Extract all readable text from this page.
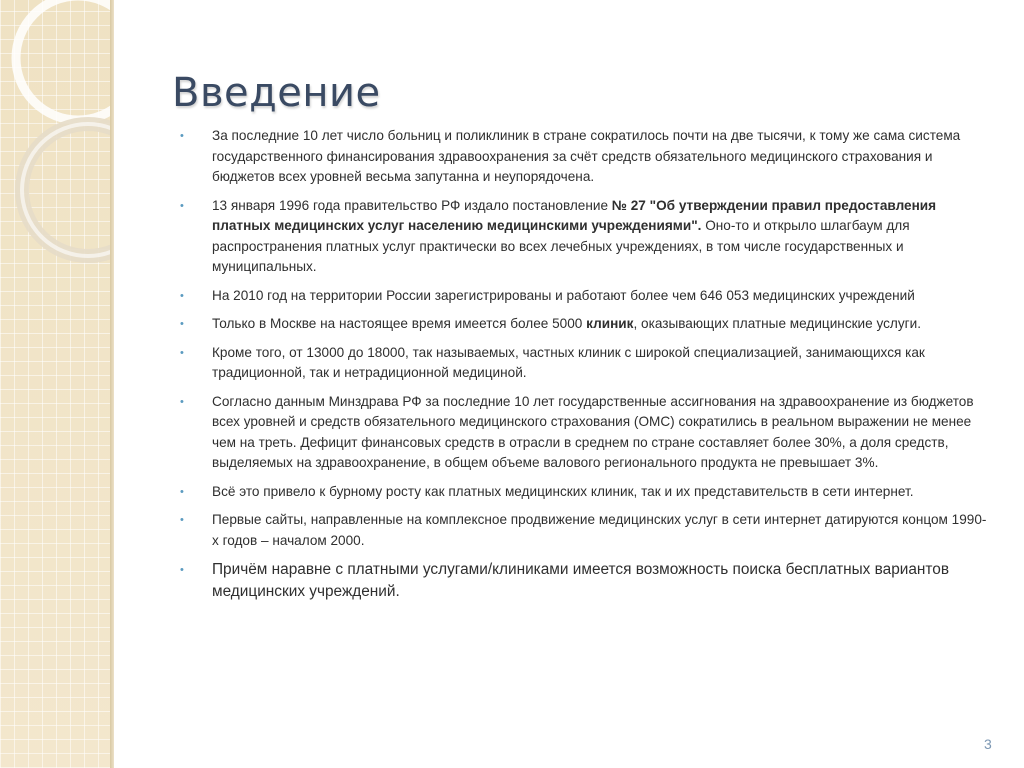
Введение
• За последние 10 лет число больниц и поликлиник в стране сократилось почти на две тысячи, к тому же сама система государственного финансирования здравоохранения за счёт средств обязательного медицинского страхования и бюджетов всех уровней весьма запутанна и неупорядочена.
• 13 января 1996 года правительство РФ издало постановление № 27 "Об утверждении правил предоставления платных медицинских услуг населению медицинскими учреждениями". Оно-то и открыло шлагбаум для распространения платных услуг практически во всех лечебных учреждениях, в том числе государственных и муниципальных.
• На 2010 год на территории России зарегистрированы и работают более чем 646 053 медицинских учреждений
• Только в Москве на настоящее время имеется более 5000 клиник, оказывающих платные медицинские услуги.
• Кроме того, от 13000 до 18000, так называемых, частных клиник с широкой специализацией, занимающихся как традиционной, так и нетрадиционной медициной.
• Согласно данным Минздрава РФ за последние 10 лет государственные ассигнования на здравоохранение из бюджетов всех уровней и средств обязательного медицинского страхования (ОМС) сократились в реальном выражении не менее чем на треть. Дефицит финансовых средств в отрасли в среднем по стране составляет более 30%, а доля средств, выделяемых на здравоохранение, в общем объеме валового регионального продукта не превышает 3%.
• Всё это привело к бурному росту как платных медицинских клиник, так и их представительств в сети интернет.
• Первые сайты, направленные на комплексное продвижение медицинских услуг в сети интернет датируются концом 1990-х годов – началом 2000.
• Причём наравне с платными услугами/клиниками имеется возможность поиска бесплатных вариантов медицинских учреждений.
3
